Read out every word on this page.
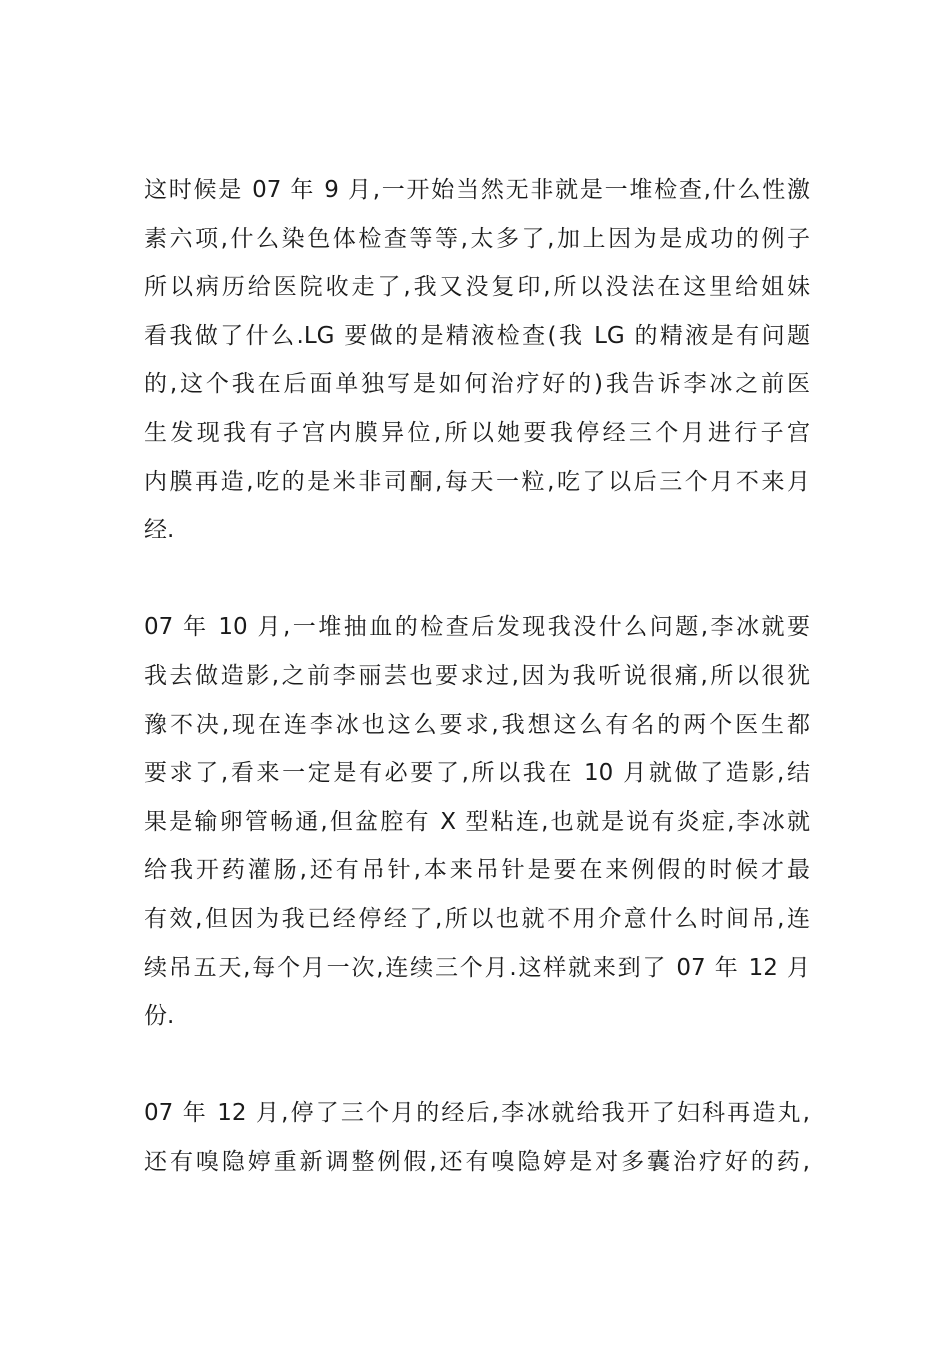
这时候是 07 年 9 月,一开始当然无非就是一堆检查,什么性激
素六项,什么染色体检查等等,太多了,加上因为是成功的例子
所以病历给医院收走了,我又没复印,所以没法在这里给姐妹
看我做了什么.LG 要做的是精液检查(我 LG 的精液是有问题
的,这个我在后面单独写是如何治疗好的)我告诉李冰之前医
生发现我有子宫内膜异位,所以她要我停经三个月进行子宫
内膜再造,吃的是米非司酮,每天一粒,吃了以后三个月不来月
经.
07 年 10 月,一堆抽血的检查后发现我没什么问题,李冰就要
我去做造影,之前李丽芸也要求过,因为我听说很痛,所以很犹
豫不决,现在连李冰也这么要求,我想这么有名的两个医生都
要求了,看来一定是有必要了,所以我在 10 月就做了造影,结
果是输卵管畅通,但盆腔有 X 型粘连,也就是说有炎症,李冰就
给我开药灌肠,还有吊针,本来吊针是要在来例假的时候才最
有效,但因为我已经停经了,所以也就不用介意什么时间吊,连
续吊五天,每个月一次,连续三个月.这样就来到了 07 年 12 月
份.
07 年 12 月,停了三个月的经后,李冰就给我开了妇科再造丸,
还有嗅隐婷重新调整例假,还有嗅隐婷是对多囊治疗好的药,
